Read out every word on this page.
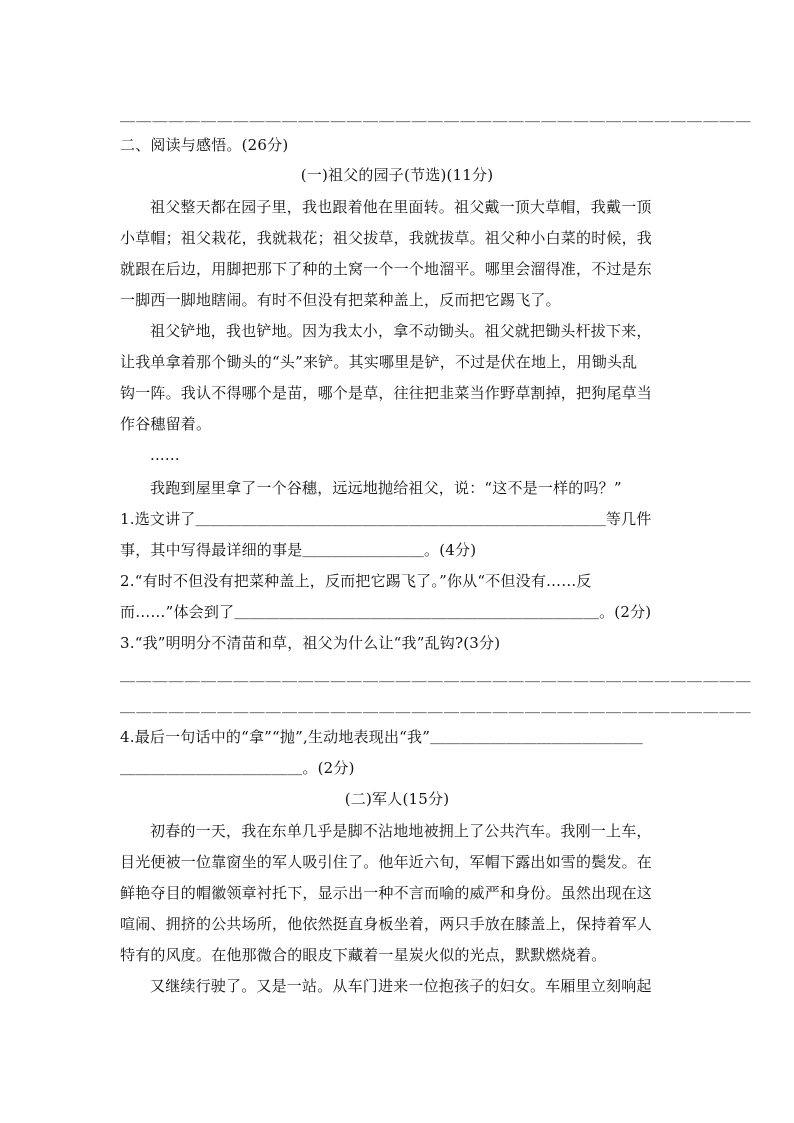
＿＿＿＿＿＿＿＿＿＿＿＿＿＿＿＿＿＿＿＿＿＿＿＿＿＿＿＿＿＿＿＿＿＿＿＿＿＿＿
二、阅读与感悟。(26分)
(一)祖父的园子(节选)(11分)
祖父整天都在园子里，我也跟着他在里面转。祖父戴一顶大草帽，我戴一顶
小草帽；祖父栽花，我就栽花；祖父拔草，我就拔草。祖父种小白菜的时候，我
就跟在后边，用脚把那下了种的土窝一个一个地溜平。哪里会溜得准，不过是东
一脚西一脚地瞎闹。有时不但没有把菜种盖上，反而把它踢飞了。
祖父铲地，我也铲地。因为我太小，拿不动锄头。祖父就把锄头杆拔下来，
让我单拿着那个锄头的“头”来铲。其实哪里是铲，不过是伏在地上，用锄头乱
钩一阵。我认不得哪个是苗，哪个是草，往往把韭菜当作野草割掉，把狗尾草当
作谷穗留着。
......
我跑到屋里拿了一个谷穗，远远地抛给祖父，说：“这不是一样的吗？”
1.选文讲了＿＿＿＿＿＿＿＿＿＿＿＿＿＿＿＿＿＿＿＿＿＿＿＿＿＿＿等几件
事，其中写得最详细的事是＿＿＿＿＿＿＿＿。(4分)
2.“有时不但没有把菜种盖上，反而把它踢飞了。”你从“不但没有……反
而……”体会到了＿＿＿＿＿＿＿＿＿＿＿＿＿＿＿＿＿＿＿＿＿＿＿＿。(2分)
3.“我”明明分不清苗和草，祖父为什么让“我”乱钩?(3分)
＿＿＿＿＿＿＿＿＿＿＿＿＿＿＿＿＿＿＿＿＿＿＿＿＿＿＿＿＿＿＿＿＿＿＿＿＿＿＿
＿＿＿＿＿＿＿＿＿＿＿＿＿＿＿＿＿＿＿＿＿＿＿＿＿＿＿＿＿＿＿＿＿＿＿＿＿＿＿
4.最后一句话中的“拿”“抛”,生动地表现出“我”＿＿＿＿＿＿＿＿＿＿＿＿＿＿
＿＿＿＿＿＿＿＿＿＿＿＿。(2分)
(二)军人(15分)
初春的一天，我在东单几乎是脚不沾地地被拥上了公共汽车。我刚一上车，
目光便被一位靠窗坐的军人吸引住了。他年近六旬，军帽下露出如雪的鬓发。在
鲜艳夺目的帽徽领章衬托下，显示出一种不言而喻的威严和身份。虽然出现在这
喧闹、拥挤的公共场所，他依然挺直身板坐着，两只手放在膝盖上，保持着军人
特有的风度。在他那微合的眼皮下藏着一星炭火似的光点，默默燃烧着。
又继续行驶了。又是一站。从车门进来一位抱孩子的妇女。车厢里立刻响起
